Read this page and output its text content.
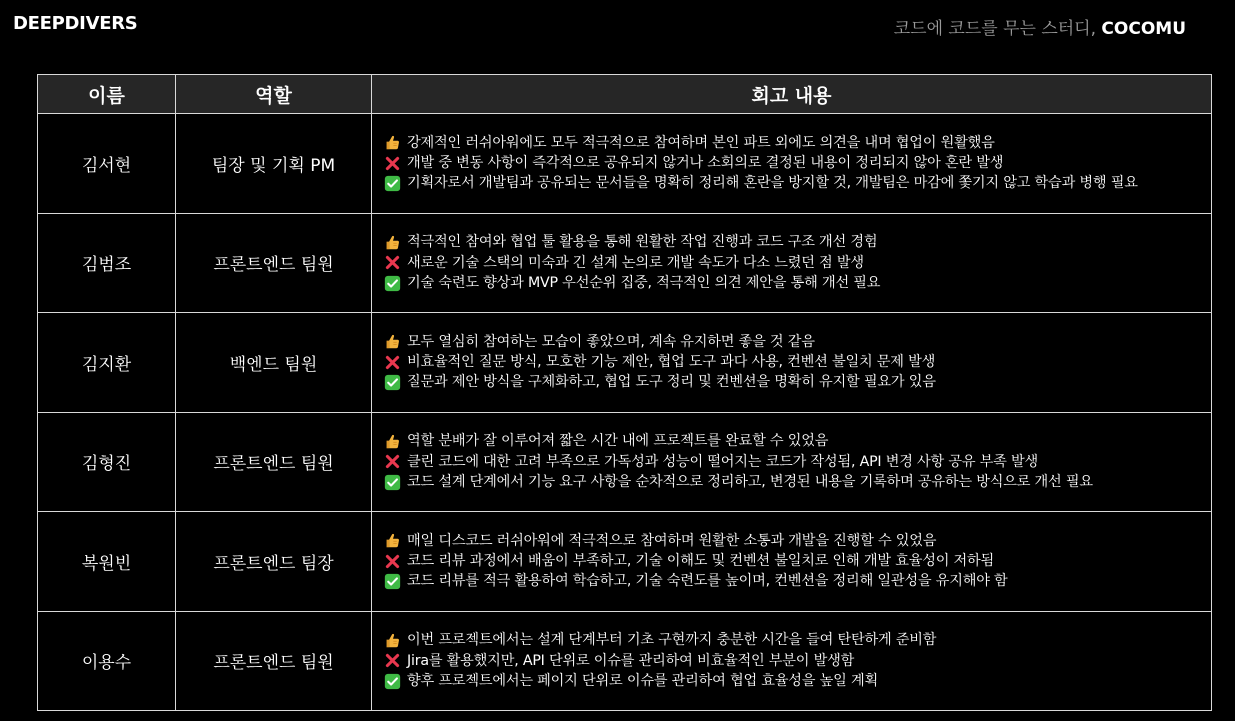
DEEPDIVERS	코드에 코드를 무는 스터디, COCOMU
이름	역할	회고 내용
김서현	팀장 및 기획 PM	강제적인 러쉬아워에도 모두 적극적으로 참여하며 본인 파트 외에도 의견을 내며 협업이 원활했음
개발 중 변동 사항이 즉각적으로 공유되지 않거나 소회의로 결정된 내용이 정리되지 않아 혼란 발생
기획자로서 개발팀과 공유되는 문서들을 명확히 정리해 혼란을 방지할 것, 개발팀은 마감에 쫓기지 않고 학습과 병행 필요

김범조	프론트엔드 팀원	적극적인 참여와 협업 툴 활용을 통해 원활한 작업 진행과 코드 구조 개선 경험
새로운 기술 스택의 미숙과 긴 설계 논의로 개발 속도가 다소 느렸던 점 발생
기술 숙련도 향상과 MVP 우선순위 집중, 적극적인 의견 제안을 통해 개선 필요

김지환	백엔드 팀원	모두 열심히 참여하는 모습이 좋았으며, 계속 유지하면 좋을 것 같음
비효율적인 질문 방식, 모호한 기능 제안, 협업 도구 과다 사용, 컨벤션 불일치 문제 발생
질문과 제안 방식을 구체화하고, 협업 도구 정리 및 컨벤션을 명확히 유지할 필요가 있음

김형진	프론트엔드 팀원	역할 분배가 잘 이루어져 짧은 시간 내에 프로젝트를 완료할 수 있었음
클린 코드에 대한 고려 부족으로 가독성과 성능이 떨어지는 코드가 작성됨, API 변경 사항 공유 부족 발생
코드 설계 단계에서 기능 요구 사항을 순차적으로 정리하고, 변경된 내용을 기록하며 공유하는 방식으로 개선 필요

복원빈	프론트엔드 팀장	매일 디스코드 러쉬아워에 적극적으로 참여하며 원활한 소통과 개발을 진행할 수 있었음
코드 리뷰 과정에서 배움이 부족하고, 기술 이해도 및 컨벤션 불일치로 인해 개발 효율성이 저하됨
코드 리뷰를 적극 활용하여 학습하고, 기술 숙련도를 높이며, 컨벤션을 정리해 일관성을 유지해야 함

이용수	프론트엔드 팀원	이번 프로젝트에서는 설계 단계부터 기초 구현까지 충분한 시간을 들여 탄탄하게 준비함
Jira를 활용했지만, API 단위로 이슈를 관리하여 비효율적인 부분이 발생함
향후 프로젝트에서는 페이지 단위로 이슈를 관리하여 협업 효율성을 높일 계획
